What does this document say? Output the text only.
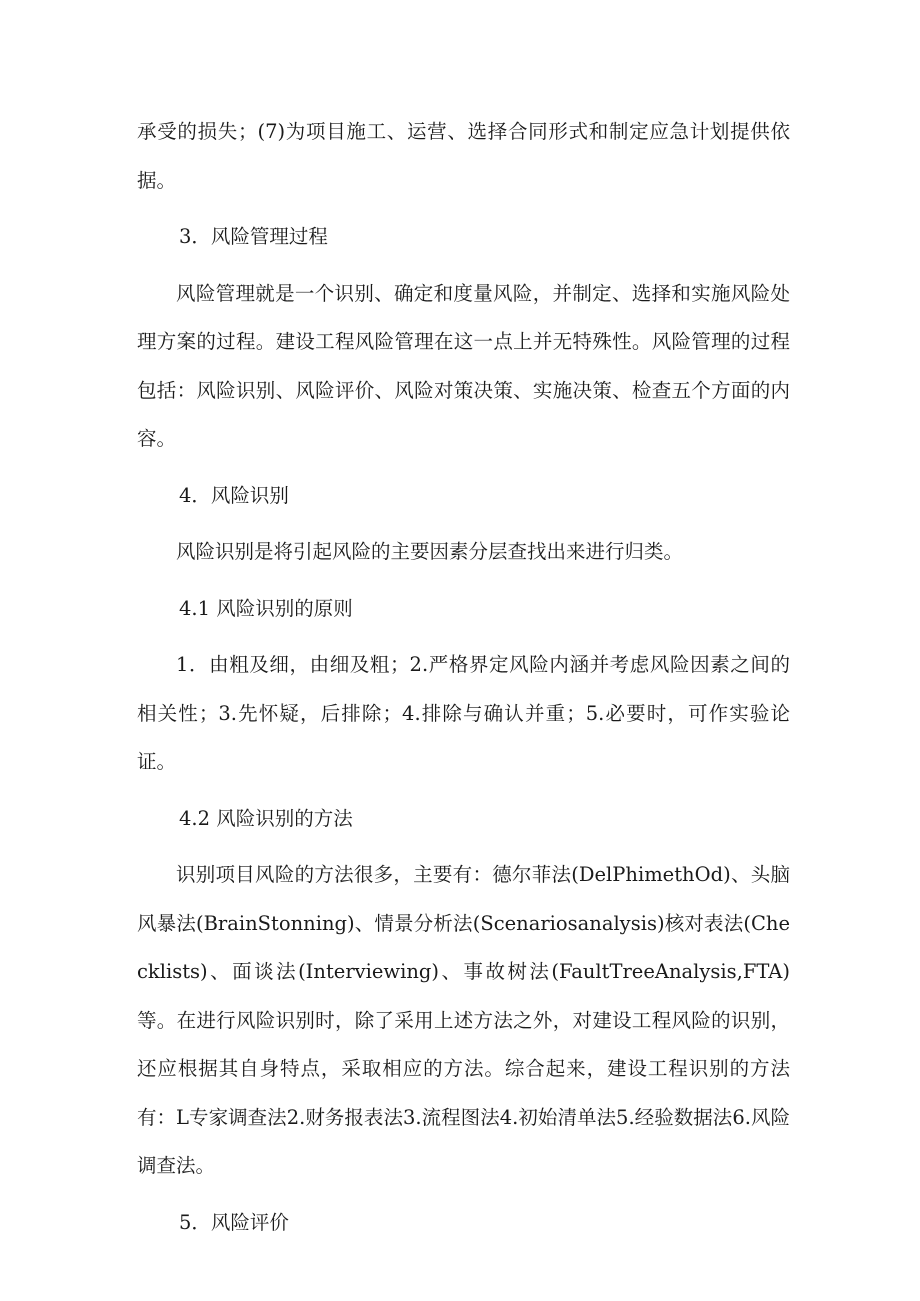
承受的损失；(7)为项目施工、运营、选择合同形式和制定应急计划提供依据。

3．风险管理过程

风险管理就是一个识别、确定和度量风险，并制定、选择和实施风险处理方案的过程。建设工程风险管理在这一点上并无特殊性。风险管理的过程包括：风险识别、风险评价、风险对策决策、实施决策、检查五个方面的内容。

4．风险识别

风险识别是将引起风险的主要因素分层查找出来进行归类。

4.1 风险识别的原则

1．由粗及细，由细及粗；2.严格界定风险内涵并考虑风险因素之间的相关性；3.先怀疑，后排除；4.排除与确认并重；5.必要时，可作实验论证。

4.2 风险识别的方法

识别项目风险的方法很多，主要有：德尔菲法(DelPhimethOd)、头脑风暴法(BrainStonning)、情景分析法(Scenariosanalysis)核对表法(Checklists)、面谈法(Interviewing)、事故树法(FaultTreeAnalysis,FTA)等。在进行风险识别时，除了采用上述方法之外，对建设工程风险的识别，还应根据其自身特点，采取相应的方法。综合起来，建设工程识别的方法有：L专家调查法2.财务报表法3.流程图法4.初始清单法5.经验数据法6.风险调查法。

5．风险评价
